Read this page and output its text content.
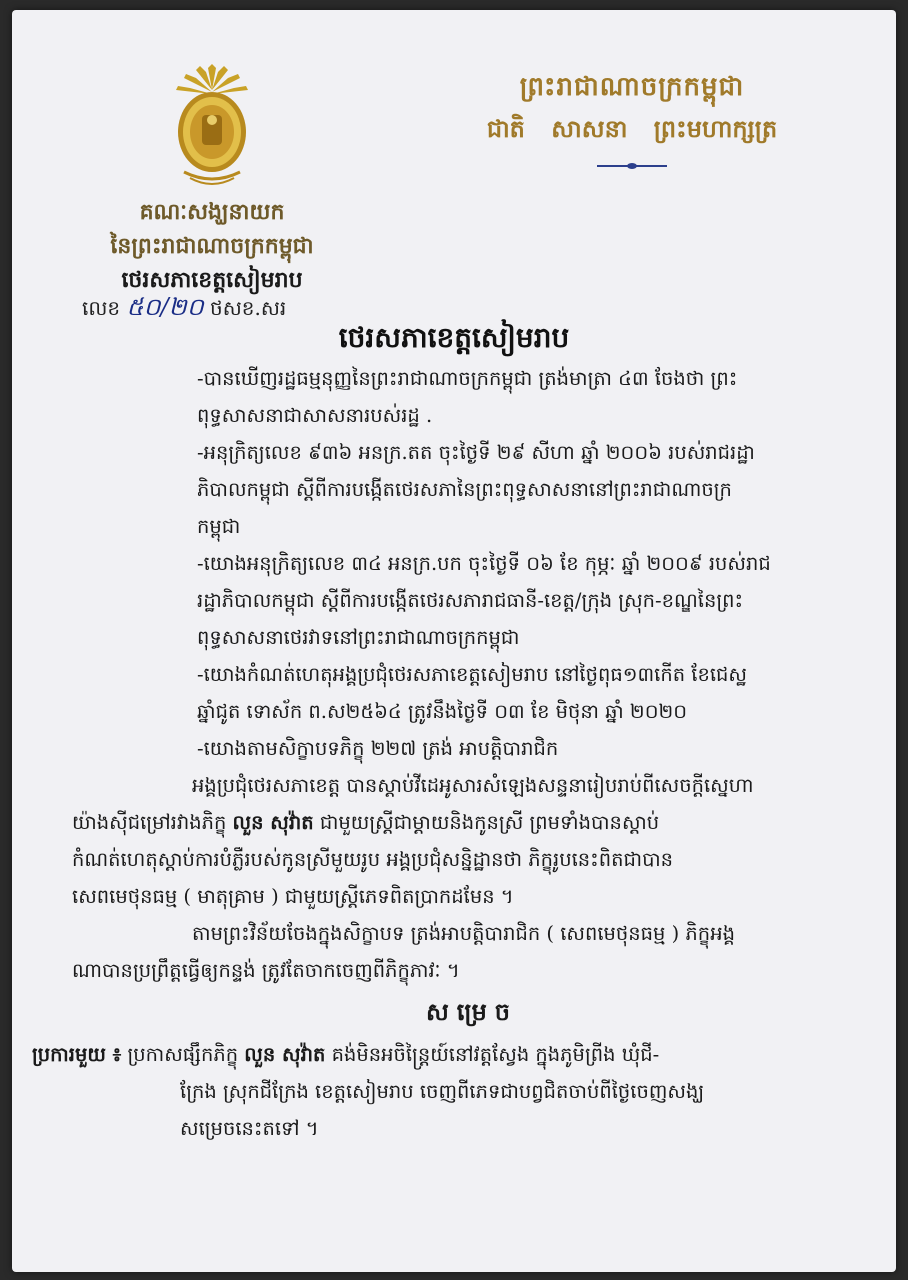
ព្រះរាជាណាចក្រកម្ពុជា
ជាតិ សាសនា ព្រះមហាក្សត្រ
គណៈសង្ឃនាយក
នៃព្រះរាជាណាចក្រកម្ពុជា
ថេរសភាខេត្តសៀមរាប
លេខ ៥០/២០ ថសខ.សរ
ថេរសភាខេត្តសៀមរាប

-បានឃើញរដ្ឋធម្មនុញ្ញនៃព្រះរាជាណាចក្រកម្ពុជា ត្រង់មាត្រា ៤៣ ចែងថា ព្រះ
ពុទ្ធសាសនាជាសាសនារបស់រដ្ឋ .

-អនុក្រិត្យលេខ ៩៣៦ អនក្រ.តត ចុះថ្ងៃទី ២៩ សីហា ឆ្នាំ ២០០៦ របស់រាជរដ្ឋា
ភិបាលកម្ពុជា ស្ដីពីការបង្កើតថេរសភានៃព្រះពុទ្ធសាសនានៅព្រះរាជាណាចក្រ
កម្ពុជា

-យោងអនុក្រិត្យលេខ ៣៤ អនក្រ.បក ចុះថ្ងៃទី ០៦ ខែ កុម្ភៈ ឆ្នាំ ២០០៩ របស់រាជ
រដ្ឋាភិបាលកម្ពុជា ស្ដីពីការបង្កើតថេរសភារាជធានី-ខេត្ត/ក្រុង ស្រុក-ខណ្ឌនៃព្រះ
ពុទ្ធសាសនាថេរវាទនៅព្រះរាជាណាចក្រកម្ពុជា

-យោងកំណត់ហេតុអង្គប្រជុំថេរសភាខេត្តសៀមរាប នៅថ្ងៃពុធ១៣កើត ខែជេស្ឋ
ឆ្នាំជូត ទោស័ក ព.ស២៥៦៤ ត្រូវនឹងថ្ងៃទី ០៣ ខែ មិថុនា ឆ្នាំ ២០២០

-យោងតាមសិក្ខាបទភិក្ខុ ២២៧ ត្រង់ អាបត្តិបារាជិក

អង្គប្រជុំថេរសភាខេត្ត បានស្ដាប់វីដេអូសារសំឡេងសន្ទនារៀបរាប់ពីសេចក្ដីស្នេហា
យ៉ាងស៊ីជម្រៅរវាងភិក្ខុ លួន សុវ៉ាត ជាមួយស្ត្រីជាម្ដាយនិងកូនស្រី ព្រមទាំងបានស្ដាប់
កំណត់ហេតុស្ដាប់ការបំភ្លឺរបស់កូនស្រីមួយរូប អង្គប្រជុំសន្និដ្ឋានថា ភិក្ខុរូបនេះពិតជាបាន
សេពមេថុនធម្ម ( មាតុគ្រាម ) ជាមួយស្ត្រីភេទពិតប្រាកដមែន ។

តាមព្រះវិន័យចែងក្នុងសិក្ខាបទ ត្រង់អាបត្តិបារាជិក ( សេពមេថុនធម្ម ) ភិក្ខុអង្គ
ណាបានប្រព្រឹត្តធ្វើឲ្យកន្ទង់ ត្រូវតែចាកចេញពីភិក្ខុភាវៈ ។

សម្រេច

ប្រការមួយ ៖ ប្រកាសផ្សឹកភិក្ខុ លួន សុវ៉ាត គង់មិនអចិន្ត្រៃយ៍នៅវត្តស្វែង ក្នុងភូមិព្រីង ឃុំជី-
ក្រែង ស្រុកជីក្រែង ខេត្តសៀមរាប ចេញពីភេទជាបព្វជិតចាប់ពីថ្ងៃចេញសង្ឃ
សម្រេចនេះតទៅ ។
